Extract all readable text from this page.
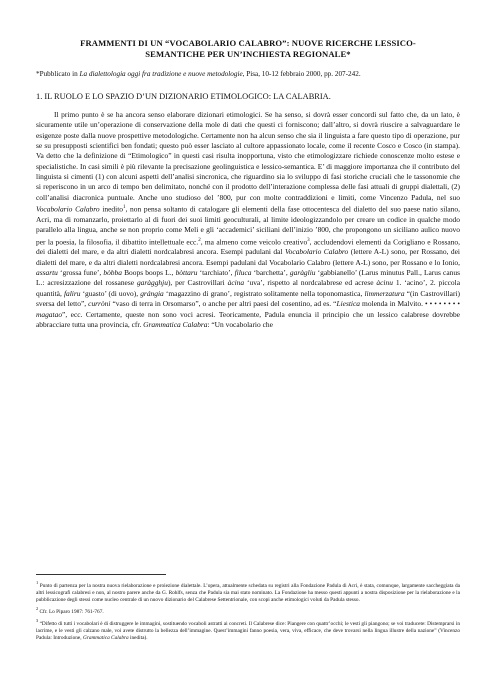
FRAMMENTI DI UN “VOCABOLARIO CALABRO”: NUOVE RICERCHE LESSICO-
SEMANTICHE PER UN’INCHIESTA REGIONALE*
*Pubblicato in La dialettologia oggi fra tradizione e nuove metodologie, Pisa, 10-12 febbraio 2000, pp. 207-242.
1. IL RUOLO E LO SPAZIO D’UN DIZIONARIO ETIMOLOGICO: LA CALABRIA.

Il primo punto è se ha ancora senso elaborare dizionari etimologici. Se ha senso, si dovrà esser concordi sul fatto che, da un lato, è sicuramente utile un’operazione di conservazione della mole di dati che questi ci forniscono; dall’altro, si dovrà riuscire a salvaguardare le esigenze poste dalla nuove prospettive metodologiche. Certamente non ha alcun senso che sia il linguista a fare questo tipo di operazione, pur se su presupposti scientifici ben fondati; questo può esser lasciato al cultore appassionato locale, come il recente Cosco e Cosco (in stampa). Va detto che la definizione di “Etimologico” in questi casi risulta inopportuna, visto che etimologizzare richiede conoscenze molto estese e specialistiche. In casi simili è più rilevante la precisazione geolinguistica e lessico-semantica. E’ di maggiore importanza che il contributo del linguista si cimenti (1) con alcuni aspetti dell’analisi sincronica, che riguardino sia lo sviluppo di fasi storiche cruciali che le tassonomie che si reperiscono in un arco di tempo ben delimitato, nonché con il prodotto dell’interazione complessa delle fasi attuali di gruppi dialettali, (2) coll’analisi diacronica puntuale. Anche uno studioso del ’800, pur con molte contraddizioni e limiti, come Vincenzo Padula, nel suo Vocabolario Calabro inedito$^1$, non pensa soltanto di catalogare gli elementi della fase ottocentesca del dialetto del suo paese natio silano, Acri, ma di romanzarlo, proiettarlo al di fuori dei suoi limiti geoculturali, al limite ideologizzandolo per creare un codice in qualche modo parallelo alla lingua, anche se non proprio come Meli e gli ‘accademici’ siciliani dell’inizio ’800, che propongono un siciliano aulico nuovo per la poesia, la filosofia, il dibattito intellettuale ecc.$^2$, ma almeno come veicolo creativo$^3$, accludendovi elementi da Corigliano e Rossano, dei dialetti del mare, e da altri dialetti nordcalabresi ancora. Esempi padulani dal Vocabolario Calabro (lettere A-L) sono, per Rossano, dei dialetti del mare, e da altri dialetti nordcalabresi ancora. Esempi padulani dal Vocabolario Calabro (lettere A-L) sono, per Rossano e lo Ionio, assartu ‘grossa fune’, bòbba Boops boops L., bòttaru ‘tarchiato’, filuca ‘barchetta’, garàgliu ‘gabbianello’ (Larus minutus Pall., Larus canus L.: acresizzazione del rossanese garàgghju), per Castrovillari àcina ‘uva’, rispetto al nordcalabrese ed acrese àcinu 1. ‘acino’, 2. piccola quantità, faliru ‘guasto’ (di uovo), grángia ‘magazzino di grano’, registrato solitamente nella toponomastica, limmerzatura “(in Castrovillari) sversa del letto”, curròni “vaso di terra in Orsomarso”, o anche per altri paesi del cosentino, ad es. “Liestica molenda in Malvito. • • • • • • • • magatao”, ecc. Certamente, queste non sono voci acresi. Teoricamente, Padula enuncia il principio che un lessico calabrese dovrebbe abbracciare tutta una provincia, cfr. Grammatica Calabra: “Un vocabolario che

$^1$ Punto di partenza per la nostra nuova rielaborazione e proiezione dialettale. L’opera, attualmente schedata su registri alla Fondazione Padula di Acri, è stata, comunque, largamente saccheggiata da altri lessicografi calabresi e non, al nostro parere anche da G. Rohlfs, senza che Padula sia mai stato nominato. La Fondazione ha messo questi appunti a nostra disposizione per la rielaborazione e la pubblicazione degli stessi come nucleo centrale di un nuovo dizionario del Calabrese Settentrionale, con scopi anche etimologici voluti da Padula stesso.
$^2$ Cfr. Lo Piparo 1987: 761-767.
$^3$ “Difetto di tutti i vocabolari è di distruggere le immagini, sostituendo vocaboli astratti ai concreti. Il Calabrese dice: Piangere con quattr’occhi; le vesti gli piangono; se voi traducete: Distemprarsi in lacrime, e le vesti gli calzano male, voi avete distrutto la bellezza dell’immagine. Quest’immagini fanno poesia, vera, viva, efficace, che deve trovarsi nella lingua illustre della nazione” (Vincenzo Padula: Introduzione, Grammatica Calabra inedita).
